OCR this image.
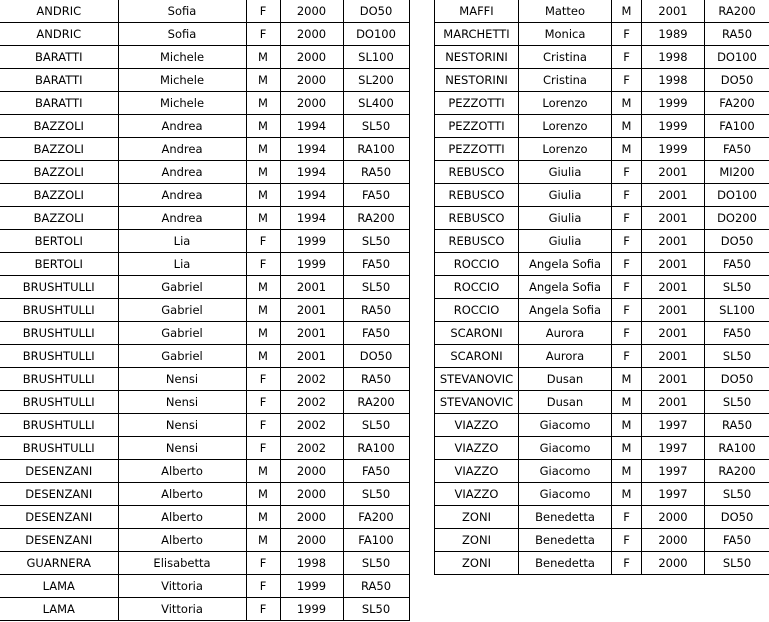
ANDRIC	Sofia	F	2000	DO50
ANDRIC	Sofia	F	2000	DO100
BARATTI	Michele	M	2000	SL100
BARATTI	Michele	M	2000	SL200
BARATTI	Michele	M	2000	SL400
BAZZOLI	Andrea	M	1994	SL50
BAZZOLI	Andrea	M	1994	RA100
BAZZOLI	Andrea	M	1994	RA50
BAZZOLI	Andrea	M	1994	FA50
BAZZOLI	Andrea	M	1994	RA200
BERTOLI	Lia	F	1999	SL50
BERTOLI	Lia	F	1999	FA50
BRUSHTULLI	Gabriel	M	2001	SL50
BRUSHTULLI	Gabriel	M	2001	RA50
BRUSHTULLI	Gabriel	M	2001	FA50
BRUSHTULLI	Gabriel	M	2001	DO50
BRUSHTULLI	Nensi	F	2002	RA50
BRUSHTULLI	Nensi	F	2002	RA200
BRUSHTULLI	Nensi	F	2002	SL50
BRUSHTULLI	Nensi	F	2002	RA100
DESENZANI	Alberto	M	2000	FA50
DESENZANI	Alberto	M	2000	SL50
DESENZANI	Alberto	M	2000	FA200
DESENZANI	Alberto	M	2000	FA100
GUARNERA	Elisabetta	F	1998	SL50
LAMA	Vittoria	F	1999	RA50
LAMA	Vittoria	F	1999	SL50
MAFFI	Matteo	M	2001	RA200
MARCHETTI	Monica	F	1989	RA50
NESTORINI	Cristina	F	1998	DO100
NESTORINI	Cristina	F	1998	DO50
PEZZOTTI	Lorenzo	M	1999	FA200
PEZZOTTI	Lorenzo	M	1999	FA100
PEZZOTTI	Lorenzo	M	1999	FA50
REBUSCO	Giulia	F	2001	MI200
REBUSCO	Giulia	F	2001	DO100
REBUSCO	Giulia	F	2001	DO200
REBUSCO	Giulia	F	2001	DO50
ROCCIO	Angela Sofia	F	2001	FA50
ROCCIO	Angela Sofia	F	2001	SL50
ROCCIO	Angela Sofia	F	2001	SL100
SCARONI	Aurora	F	2001	FA50
SCARONI	Aurora	F	2001	SL50
STEVANOVIC	Dusan	M	2001	DO50
STEVANOVIC	Dusan	M	2001	SL50
VIAZZO	Giacomo	M	1997	RA50
VIAZZO	Giacomo	M	1997	RA100
VIAZZO	Giacomo	M	1997	RA200
VIAZZO	Giacomo	M	1997	SL50
ZONI	Benedetta	F	2000	DO50
ZONI	Benedetta	F	2000	FA50
ZONI	Benedetta	F	2000	SL50
